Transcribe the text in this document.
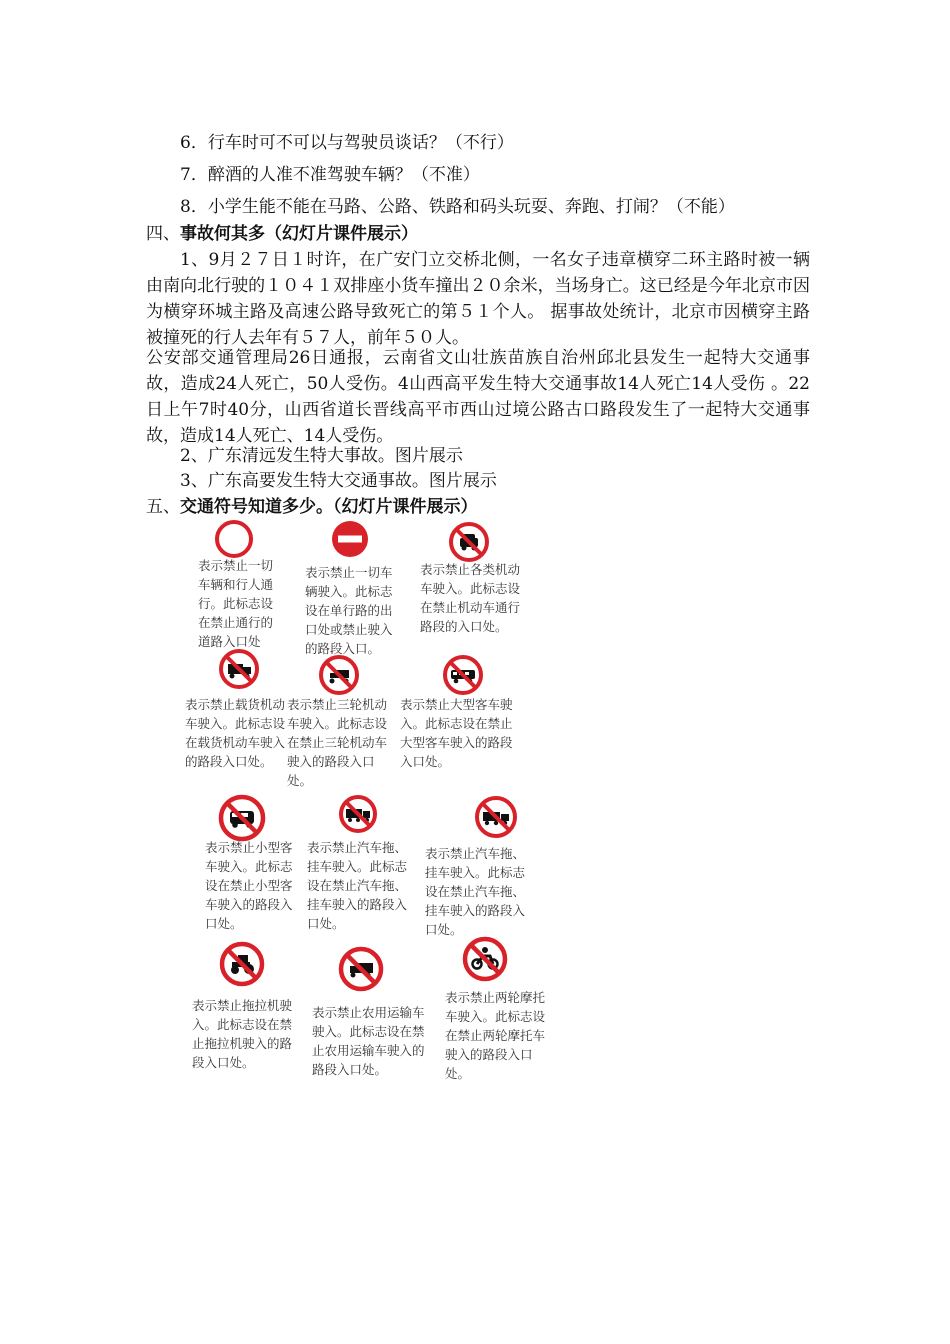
6．行车时可不可以与驾驶员谈话？（不行）
7．醉酒的人准不准驾驶车辆？（不准）
8．小学生能不能在马路、公路、铁路和码头玩耍、奔跑、打闹？（不能）
四、事故何其多（幻灯片课件展示）
1、9月２７日１时许，在广安门立交桥北侧，一名女子违章横穿二环主路时被一辆由南向北行驶的１０４１双排座小货车撞出２０余米，当场身亡。这已经是今年北京市因为横穿环城主路及高速公路导致死亡的第５１个人。 据事故处统计，北京市因横穿主路被撞死的行人去年有５７人，前年５０人。
公安部交通管理局26日通报，云南省文山壮族苗族自治州邱北县发生一起特大交通事故，造成24人死亡，50人受伤。4山西高平发生特大交通事故14人死亡14人受伤 。22日上午7时40分，山西省道长晋线高平市西山过境公路古口路段发生了一起特大交通事故，造成14人死亡、14人受伤。
2、广东清远发生特大事故。图片展示
3、广东高要发生特大交通事故。图片展示
五、交通符号知道多少。（幻灯片课件展示）
表示禁止一切车辆和行人通行。此标志设在禁止通行的道路入口处
表示禁止一切车辆驶入。此标志设在单行路的出口处或禁止驶入的路段入口。
表示禁止各类机动车驶入。此标志设在禁止机动车通行路段的入口处。
表示禁止载货机动车驶入。此标志设在载货机动车驶入的路段入口处。
表示禁止三轮机动车驶入。此标志设在禁止三轮机动车驶入的路段入口处。
表示禁止大型客车驶入。此标志设在禁止大型客车驶入的路段入口处。
表示禁止小型客车驶入。此标志设在禁止小型客车驶入的路段入口处。
表示禁止汽车拖、挂车驶入。此标志设在禁止汽车拖、挂车驶入的路段入口处。
表示禁止汽车拖、挂车驶入。此标志设在禁止汽车拖、挂车驶入的路段入口处。
表示禁止拖拉机驶入。此标志设在禁止拖拉机驶入的路段入口处。
表示禁止农用运输车驶入。此标志设在禁止农用运输车驶入的路段入口处。
表示禁止两轮摩托车驶入。此标志设在禁止两轮摩托车驶入的路段入口处。
